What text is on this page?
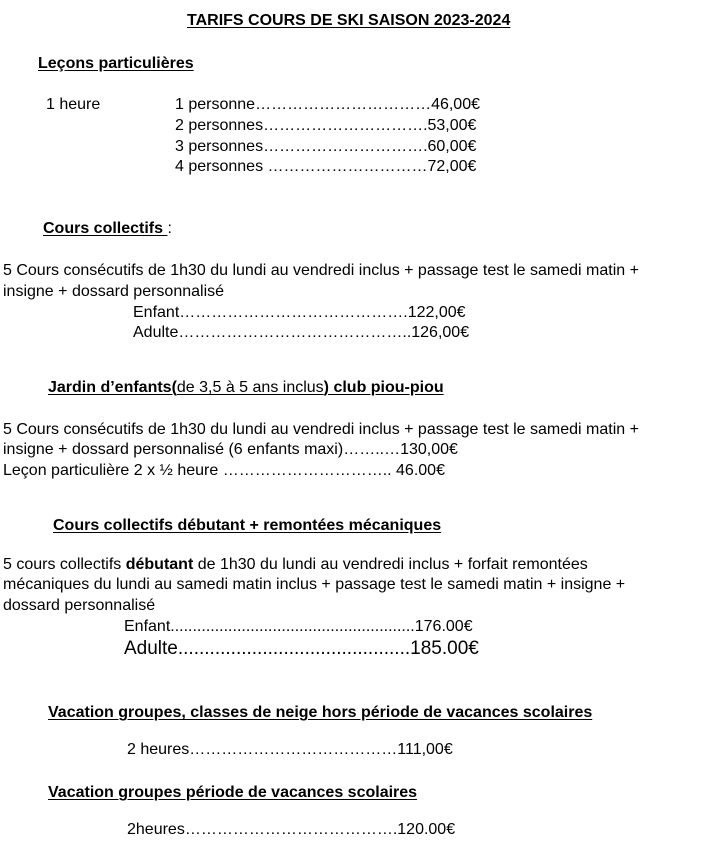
TARIFS COURS DE SKI SAISON 2023-2024
Leçons particulières
1 heure	1 personne……………………………46,00€
2 personnes………………………….53,00€
3 personnes………………………….60,00€
4 personnes …………………………72,00€
Cours collectifs :
5 Cours consécutifs de 1h30 du lundi au vendredi inclus + passage test le samedi matin +
insigne + dossard personnalisé
Enfant…………………………………….122,00€
Adulte……………………………………..126,00€
Jardin d’enfants(de 3,5 à 5 ans inclus) club piou-piou
5 Cours consécutifs de 1h30 du lundi au vendredi inclus + passage test le samedi matin +
insigne + dossard personnalisé (6 enfants maxi)……..…130,00€
Leçon particulière 2 x ½ heure ………………………….. 46.00€
Cours collectifs débutant + remontées mécaniques
5 cours collectifs débutant de 1h30 du lundi au vendredi inclus + forfait remontées
mécaniques du lundi au samedi matin inclus + passage test le samedi matin + insigne +
dossard personnalisé
Enfant.......................................................176.00€
Adulte............................................185.00€
Vacation groupes, classes de neige hors période de vacances scolaires
2 heures…………………………………111,00€
Vacation groupes période de vacances scolaires
2heures………………………………….120.00€
